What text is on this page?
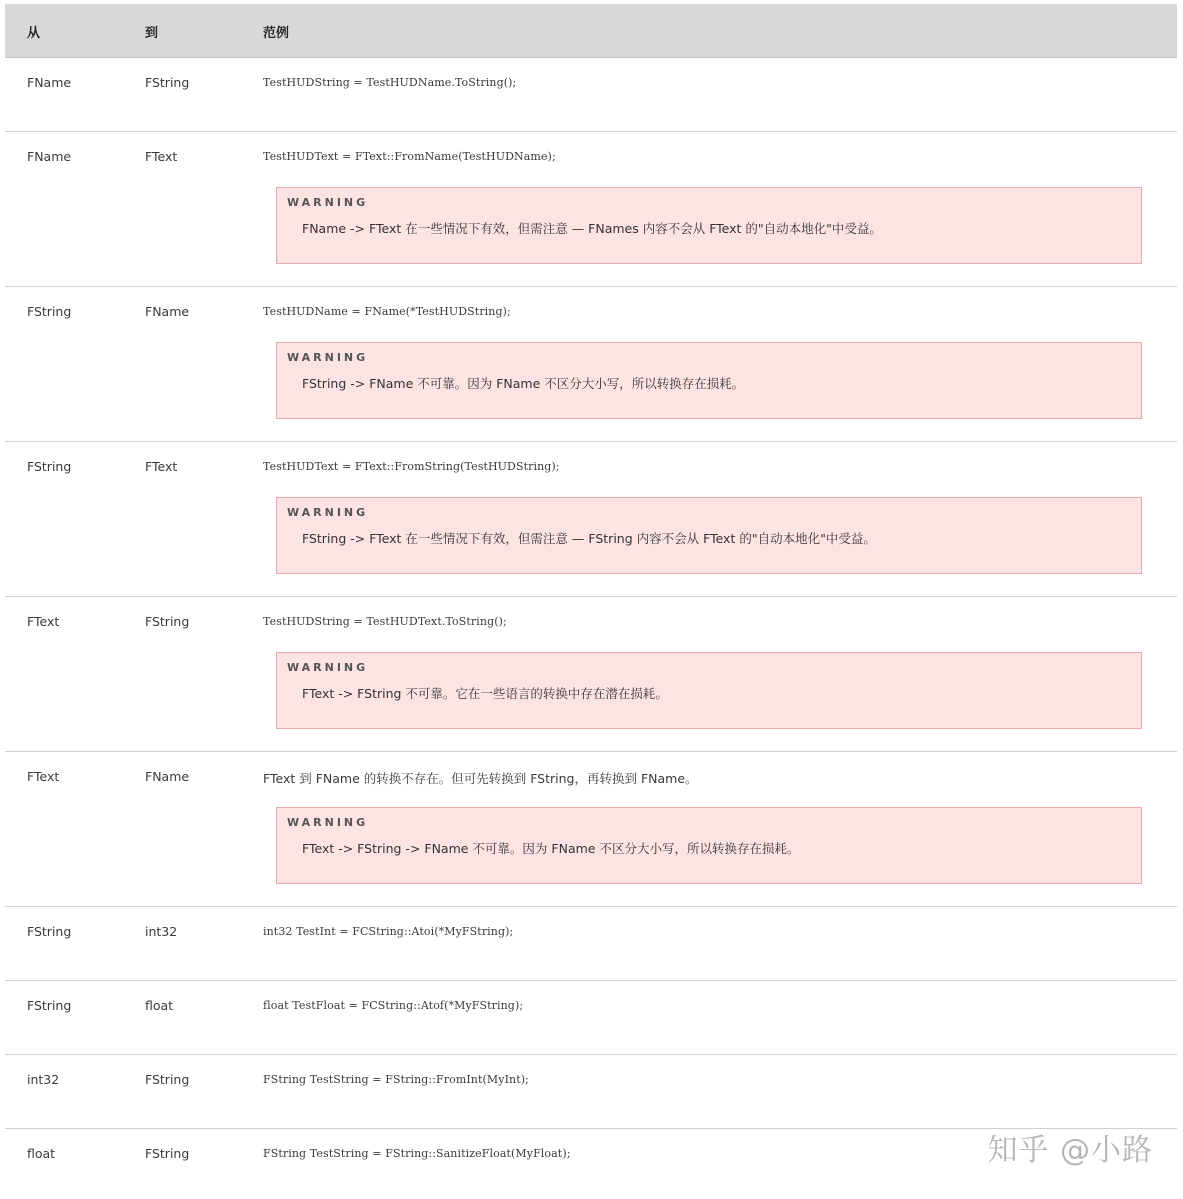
从	到	范例
FName	FString	TestHUDString = TestHUDName.ToString();
FName	FText	TestHUDText = FText::FromName(TestHUDName);
WARNING
FName -> FText 在一些情况下有效，但需注意 — FNames 内容不会从 FText 的"自动本地化"中受益。
FString	FName	TestHUDName = FName(*TestHUDString);
WARNING
FString -> FName 不可靠。因为 FName 不区分大小写，所以转换存在损耗。
FString	FText	TestHUDText = FText::FromString(TestHUDString);
WARNING
FString -> FText 在一些情况下有效，但需注意 — FString 内容不会从 FText 的"自动本地化"中受益。
FText	FString	TestHUDString = TestHUDText.ToString();
WARNING
FText -> FString 不可靠。它在一些语言的转换中存在潜在损耗。
FText	FName	FText 到 FName 的转换不存在。但可先转换到 FString，再转换到 FName。
WARNING
FText -> FString -> FName 不可靠。因为 FName 不区分大小写，所以转换存在损耗。
FString	int32	int32 TestInt = FCString::Atoi(*MyFString);
FString	float	float TestFloat = FCString::Atof(*MyFString);
int32	FString	FString TestString = FString::FromInt(MyInt);
float	FString	FString TestString = FString::SanitizeFloat(MyFloat);	知乎 @小路
